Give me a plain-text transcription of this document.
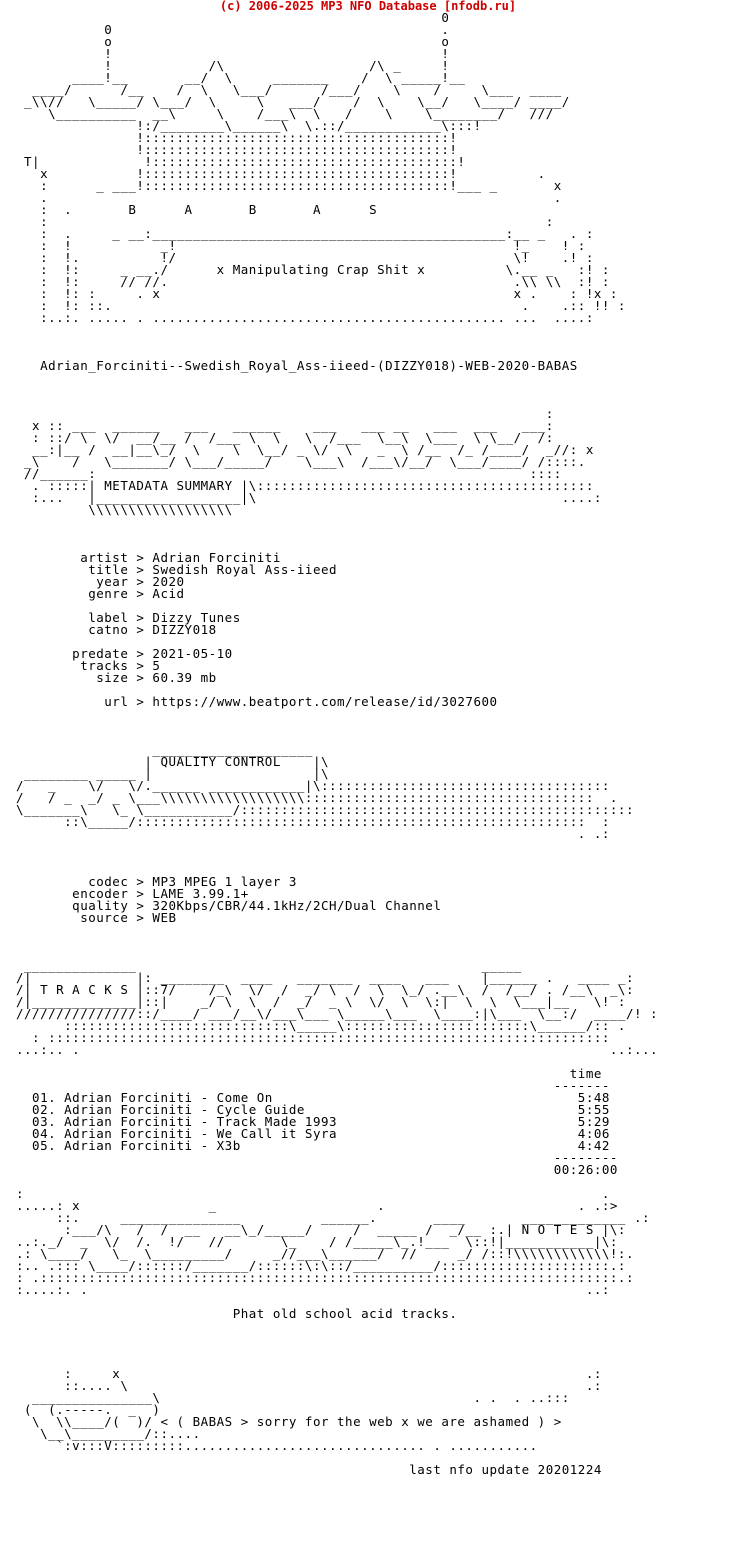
(c) 2006-2025 MP3 NFO Database [nfodb.ru]
0
0                                         .
o                                         o
!                                         !
!            /\                  /\ _     !
____!__       __/  \     _______    /  \ _____!__
____/      /__    /  \   \___/      /___/    \    /     \___  ____
_\\//   \_____/ \___/  \     \   ___/    /  \    \__/   \____/ ____/
\__________  __\     \    /___\  \   /    \    \________/   ///
!:/________\______\  \.::/____________\:::!
!::::::::::::::::::::::::::::::::::::::!
!::::::::::::::::::::::::::::::::::::::!
T|             !::::::::::::::::::::::::::::::::::::::!
x           !::::::::::::::::::::::::::::::::::::::!          .
:      _ ___!::::::::::::::::::::::::::::::::::::::!___ _       x
.                                                               .
:  .       B      A       B       A      S
:                                                              :
:  .     _ __:____________________________________________:__ _   . :
:  !           _!                                          !_    ! :
:  !.          !/                                          \!    .! :
:  !:     _ __./      x Manipulating Crap Shit x          \.__ _   :! :
:  !:     // //.                                           .\\ \\  :! :
:  !: :     . x                                            x .    : !x :
:  !: ::.                                                   .    .:: !! :
:..:. ..... . ............................................ ...  ....:

Adrian_Forciniti--Swedish_Royal_Ass-iieed-(DIZZY018)-WEB-2020-BABAS

:
x :: ___  ______   ___   ______    ___   ___ __   ___  ___   ___:
: ::/ \  \/  __/__ /  /___ \  \   \  /___  \__\  \___  \ \__/  /:
__:|__ /  __|__\_/  \    \  \__/ _ \/  \   _  \ /__  /_ /____/  _//: x
_\    /   \_______/ \___/_____/    \___\  /___\/__/  \___/____/ /::::.
//______:                                                      ::::
. :::::| METADATA SUMMARY |\::::::::::::::::::::::::::::::::::::::::::
:...   |__________________|\                                      ....:
\\\\\\\\\\\\\\\\\\

artist > Adrian Forciniti
title > Swedish Royal Ass-iieed
year > 2020
genre > Acid

label > Dizzy Tunes
catno > DIZZY018

predate > 2021-05-10
tracks > 5
size > 60.39 mb

url > https://www.beatport.com/release/id/3027600

____________________
| QUALITY CONTROL    |\
________ _____ |                    |\
/   _    \/   \/.______ ____________|\::::::::::::::::::::::::::::::::::::
/   / _  _/ _ \___\\\\\\\\\\\\\\\\\\::::::::::::::::::::::::::::::::::::  .
\_______\   \_ \___________/:::::::::::::::::::::::::::::::::::::::::::::::::
::\_____/::::::::::::::::::::::::::::::::::::::::::::::::::::::::  :
. .:

codec > MP3 MPEG 1 layer 3
encoder > LAME 3.99.1+
quality > 320Kbps/CBR/44.1kHz/2CH/Dual Channel
source > WEB

______________                                           _____
/|             |: ________  ____   _______  ____   ___    |______ .   ____ _:
/| T R A C K S |::7/    /_\  \/  /  _/ \  /  \  \_/ .__\  /  /__/ . /__\  _\:
/|_____________|::|    _/ \  \  /  _/  _ \  \/  \  \:|  \  \  \___|__   \! :
///////////////::/____/ ___/__\/___\___ \_____\___  \____:|\___  \__:/  ____/! :
::::::::::::::::::::::::::::\_____\:::::::::::::::::::::::\______/:: .
: ::::::::::::::::::::::::::::::::::::::::::::::::::::::::::::::::::::::
...:.. .                                                                  ..:...

time
-------
01. Adrian Forciniti - Come On                                      5:48
02. Adrian Forciniti - Cycle Guide                                  5:55
03. Adrian Forciniti - Track Made 1993                              5:29
04. Adrian Forciniti - We Call it Syra                              4:06
05. Adrian Forciniti - X3b                                          4:42
--------
00:26:00

:                                                                        .
.....: x                _                    .                        . .:>
::.     _______________          ______.       ____       _____________ .:
:___/\   /  /  __   __\_/_____/     /  _____ /  _/__ :.| N O T E S |\:
..:._/  _  \/  /.  !/   //       \_    / /_____\_.!___  \::!|___________|\:
.: \____/   \_  \_________/     _//___\______/  //     _/ /::!\\\\\\\\\\\\!:.
:.. .::: \____/::::::/_______/::::::\:\::/__________/:::::::::::::::::::::.:
: .::::::::::::::::::::::::::::::::::::::::::::::::::::::::::::::::::::::::.:
:....:. .                                                              ..:

Phat old school acid tracks.

:     x                                                          .:
::.... \                                                         .:
_______________\                                       . .  . ..:::
(  (.-----.  _  )
\  \\____/(  )/ < ( BABAS > sorry for the web x we are ashamed ) >
\__\_________/::....
`:v:::V:::::::::.............................. . ...........

last nfo update 20201224
